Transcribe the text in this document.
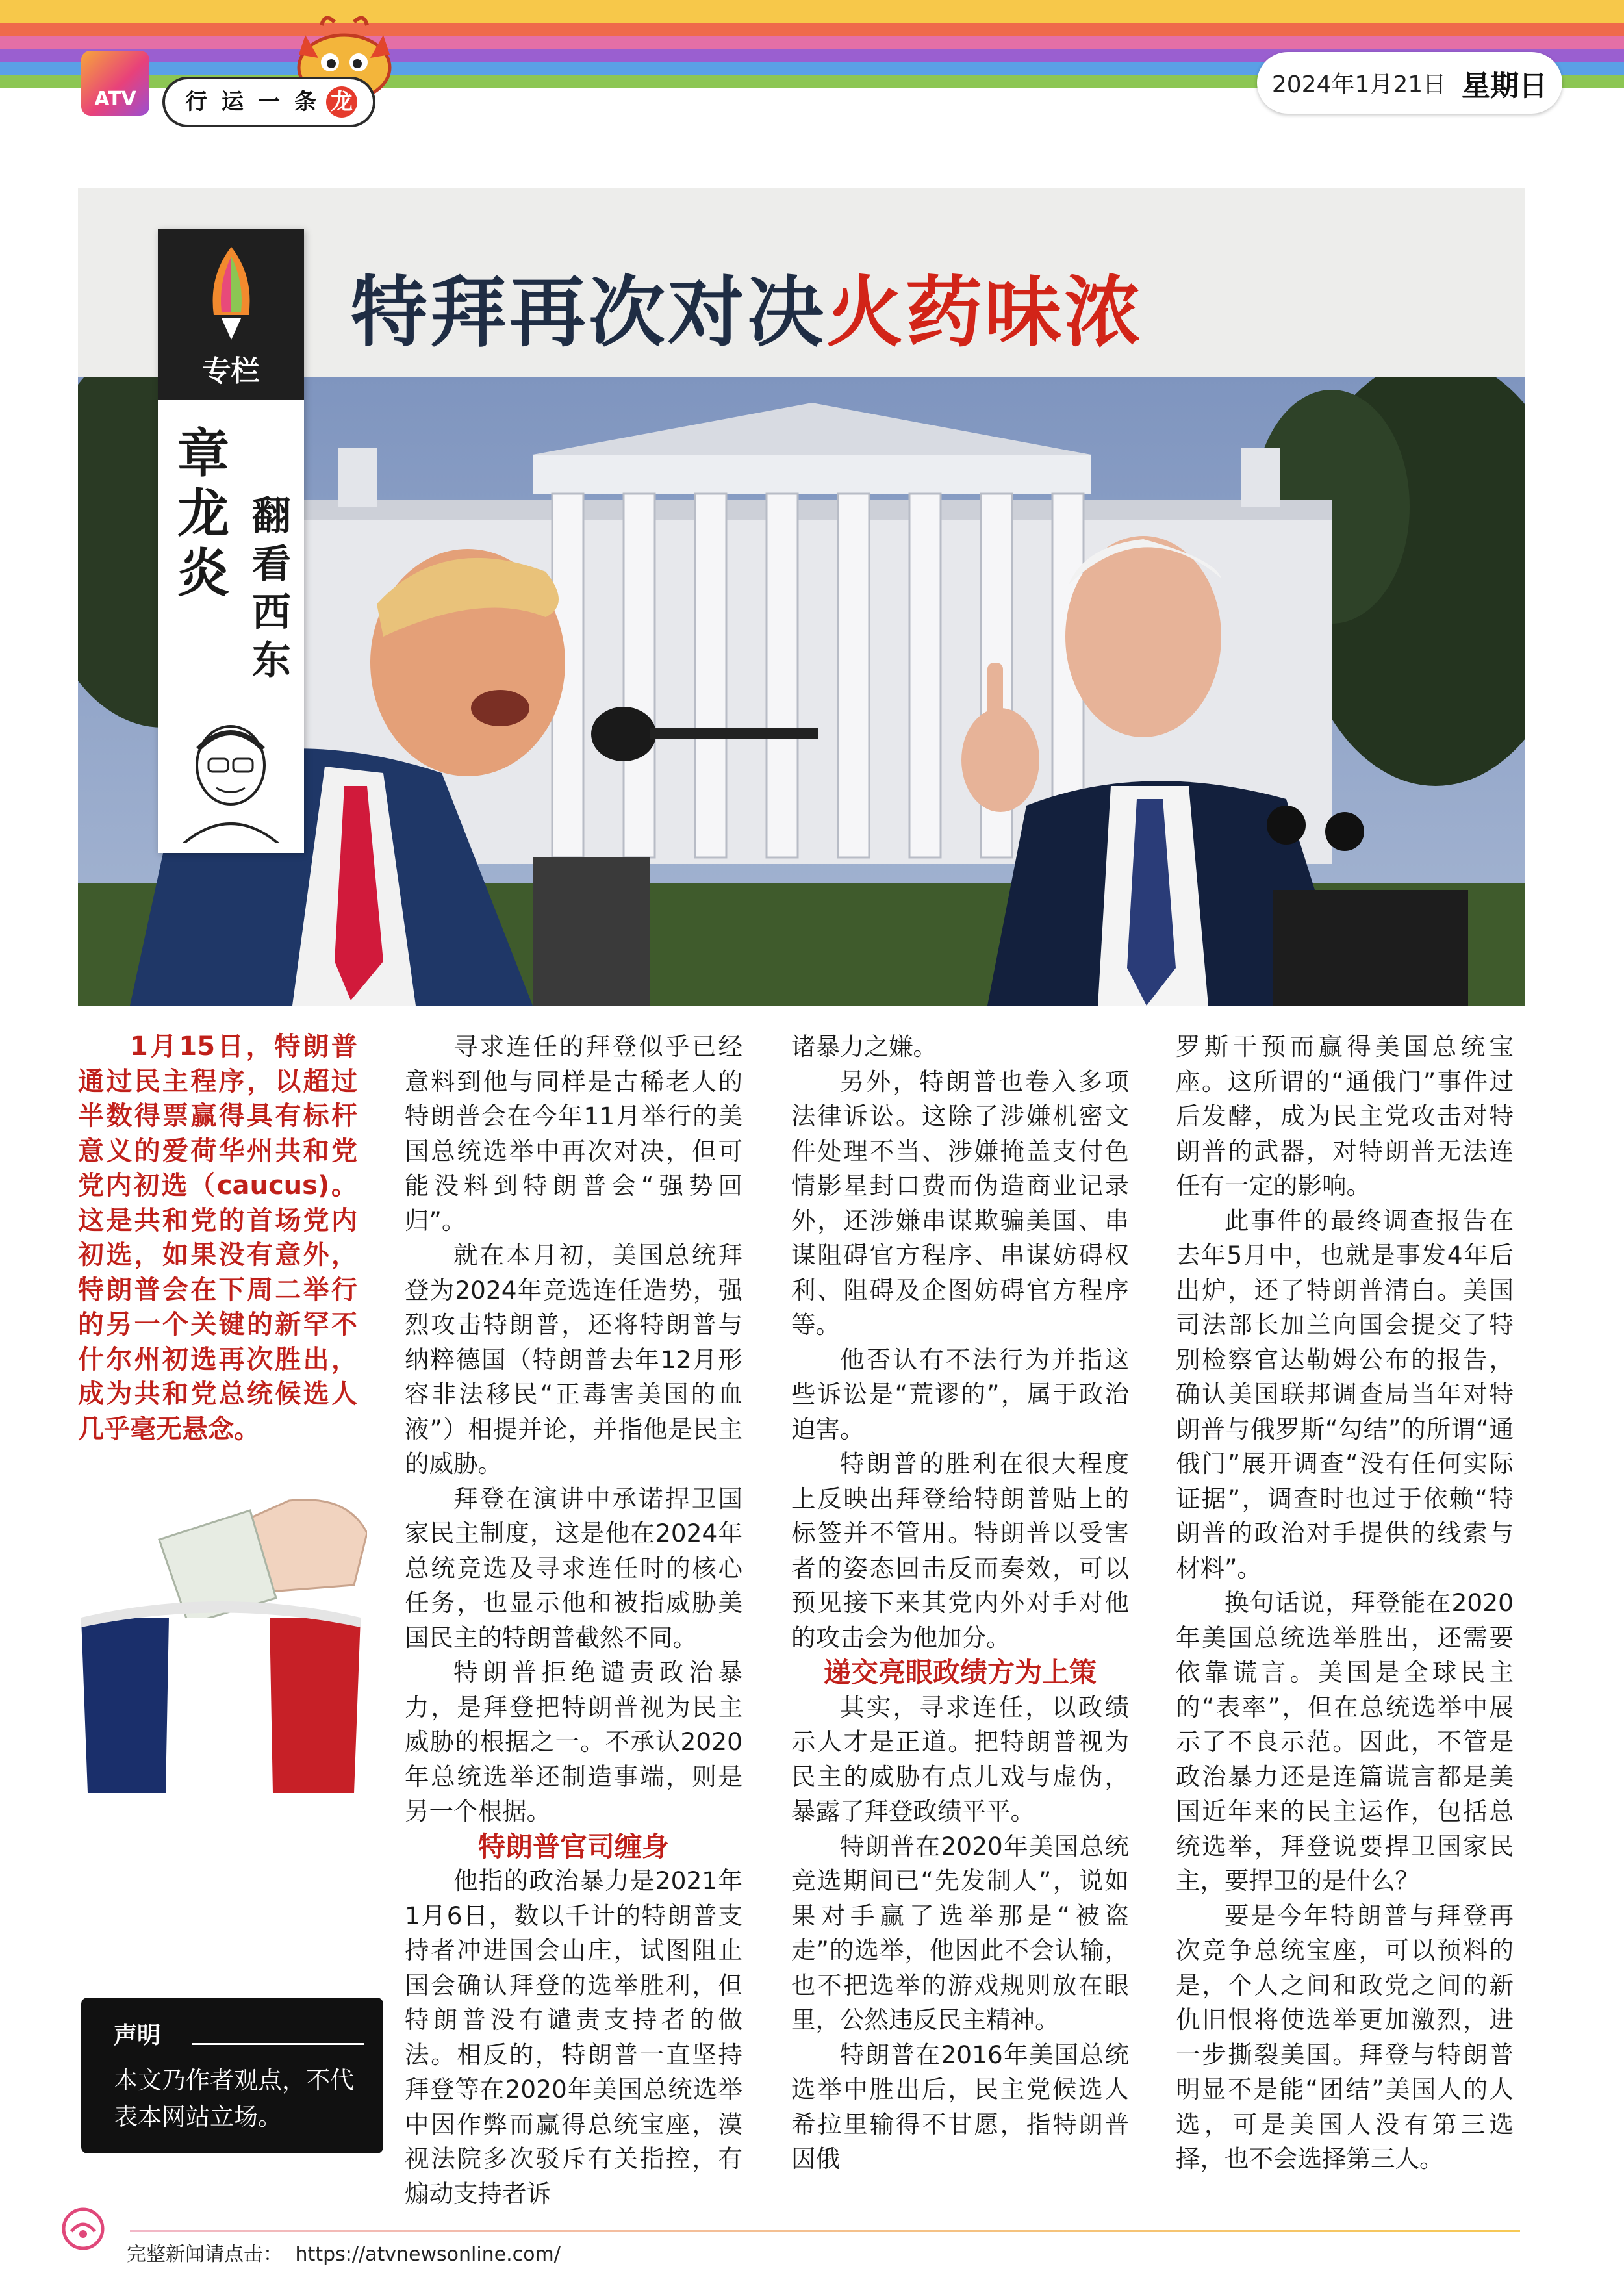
ATV	行 运 一 条 龙
2024年1月21日 星期日
特拜再次对决火药味浓
专栏
章
龙
炎
翻
看
西
东
1月15日，特朗普通过民主程序，以超过半数得票赢得具有标杆意义的爱荷华州共和党党内初选（caucus)。这是共和党的首场党内初选，如果没有意外，特朗普会在下周二举行的另一个关键的新罕不什尔州初选再次胜出，成为共和党总统候选人几乎毫无悬念。

寻求连任的拜登似乎已经意料到他与同样是古稀老人的特朗普会在今年11月举行的美国总统选举中再次对决，但可能没料到特朗普会“强势回归”。

就在本月初，美国总统拜登为2024年竞选连任造势，强烈攻击特朗普，还将特朗普与纳粹德国（特朗普去年12月形容非法移民“正毒害美国的血液”）相提并论，并指他是民主的威胁。

拜登在演讲中承诺捍卫国家民主制度，这是他在2024年总统竞选及寻求连任时的核心任务，也显示他和被指威胁美国民主的特朗普截然不同。

特朗普拒绝谴责政治暴力，是拜登把特朗普视为民主威胁的根据之一。不承认2020年总统选举还制造事端，则是另一个根据。

特朗普官司缠身

他指的政治暴力是2021年1月6日，数以千计的特朗普支持者冲进国会山庄，试图阻止国会确认拜登的选举胜利，但特朗普没有谴责支持者的做法。相反的，特朗普一直坚持拜登等在2020年美国总统选举中因作弊而赢得总统宝座，漠视法院多次驳斥有关指控，有煽动支持者诉

诸暴力之嫌。

另外，特朗普也卷入多项法律诉讼。这除了涉嫌机密文件处理不当、涉嫌掩盖支付色情影星封口费而伪造商业记录外，还涉嫌串谋欺骗美国、串谋阻碍官方程序、串谋妨碍权利、阻碍及企图妨碍官方程序等。

他否认有不法行为并指这些诉讼是“荒谬的”，属于政治迫害。

特朗普的胜利在很大程度上反映出拜登给特朗普贴上的标签并不管用。特朗普以受害者的姿态回击反而奏效，可以预见接下来其党内外对手对他的攻击会为他加分。

递交亮眼政绩方为上策

其实，寻求连任，以政绩示人才是正道。把特朗普视为民主的威胁有点儿戏与虚伪，暴露了拜登政绩平平。

特朗普在2020年美国总统竞选期间已“先发制人”，说如果对手赢了选举那是“被盗走”的选举，他因此不会认输，也不把选举的游戏规则放在眼里，公然违反民主精神。

特朗普在2016年美国总统选举中胜出后，民主党候选人希拉里输得不甘愿，指特朗普因俄

罗斯干预而赢得美国总统宝座。这所谓的“通俄门”事件过后发酵，成为民主党攻击对特朗普的武器，对特朗普无法连任有一定的影响。

此事件的最终调查报告在去年5月中，也就是事发4年后出炉，还了特朗普清白。美国司法部长加兰向国会提交了特别检察官达勒姆公布的报告，确认美国联邦调查局当年对特朗普与俄罗斯“勾结”的所谓“通俄门”展开调查“没有任何实际证据”，调查时也过于依赖“特朗普的政治对手提供的线索与材料”。

换句话说，拜登能在2020年美国总统选举胜出，还需要依靠谎言。美国是全球民主的“表率”，但在总统选举中展示了不良示范。因此，不管是政治暴力还是连篇谎言都是美国近年来的民主运作，包括总统选举，拜登说要捍卫国家民主，要捍卫的是什么？

要是今年特朗普与拜登再次竞争总统宝座，可以预料的是，个人之间和政党之间的新仇旧恨将使选举更加激烈，进一步撕裂美国。拜登与特朗普明显不是能“团结”美国人的人选，可是美国人没有第三选择，也不会选择第三人。

声明
本文乃作者观点，不代表本网站立场。
完整新闻请点击： https://atvnewsonline.com/
